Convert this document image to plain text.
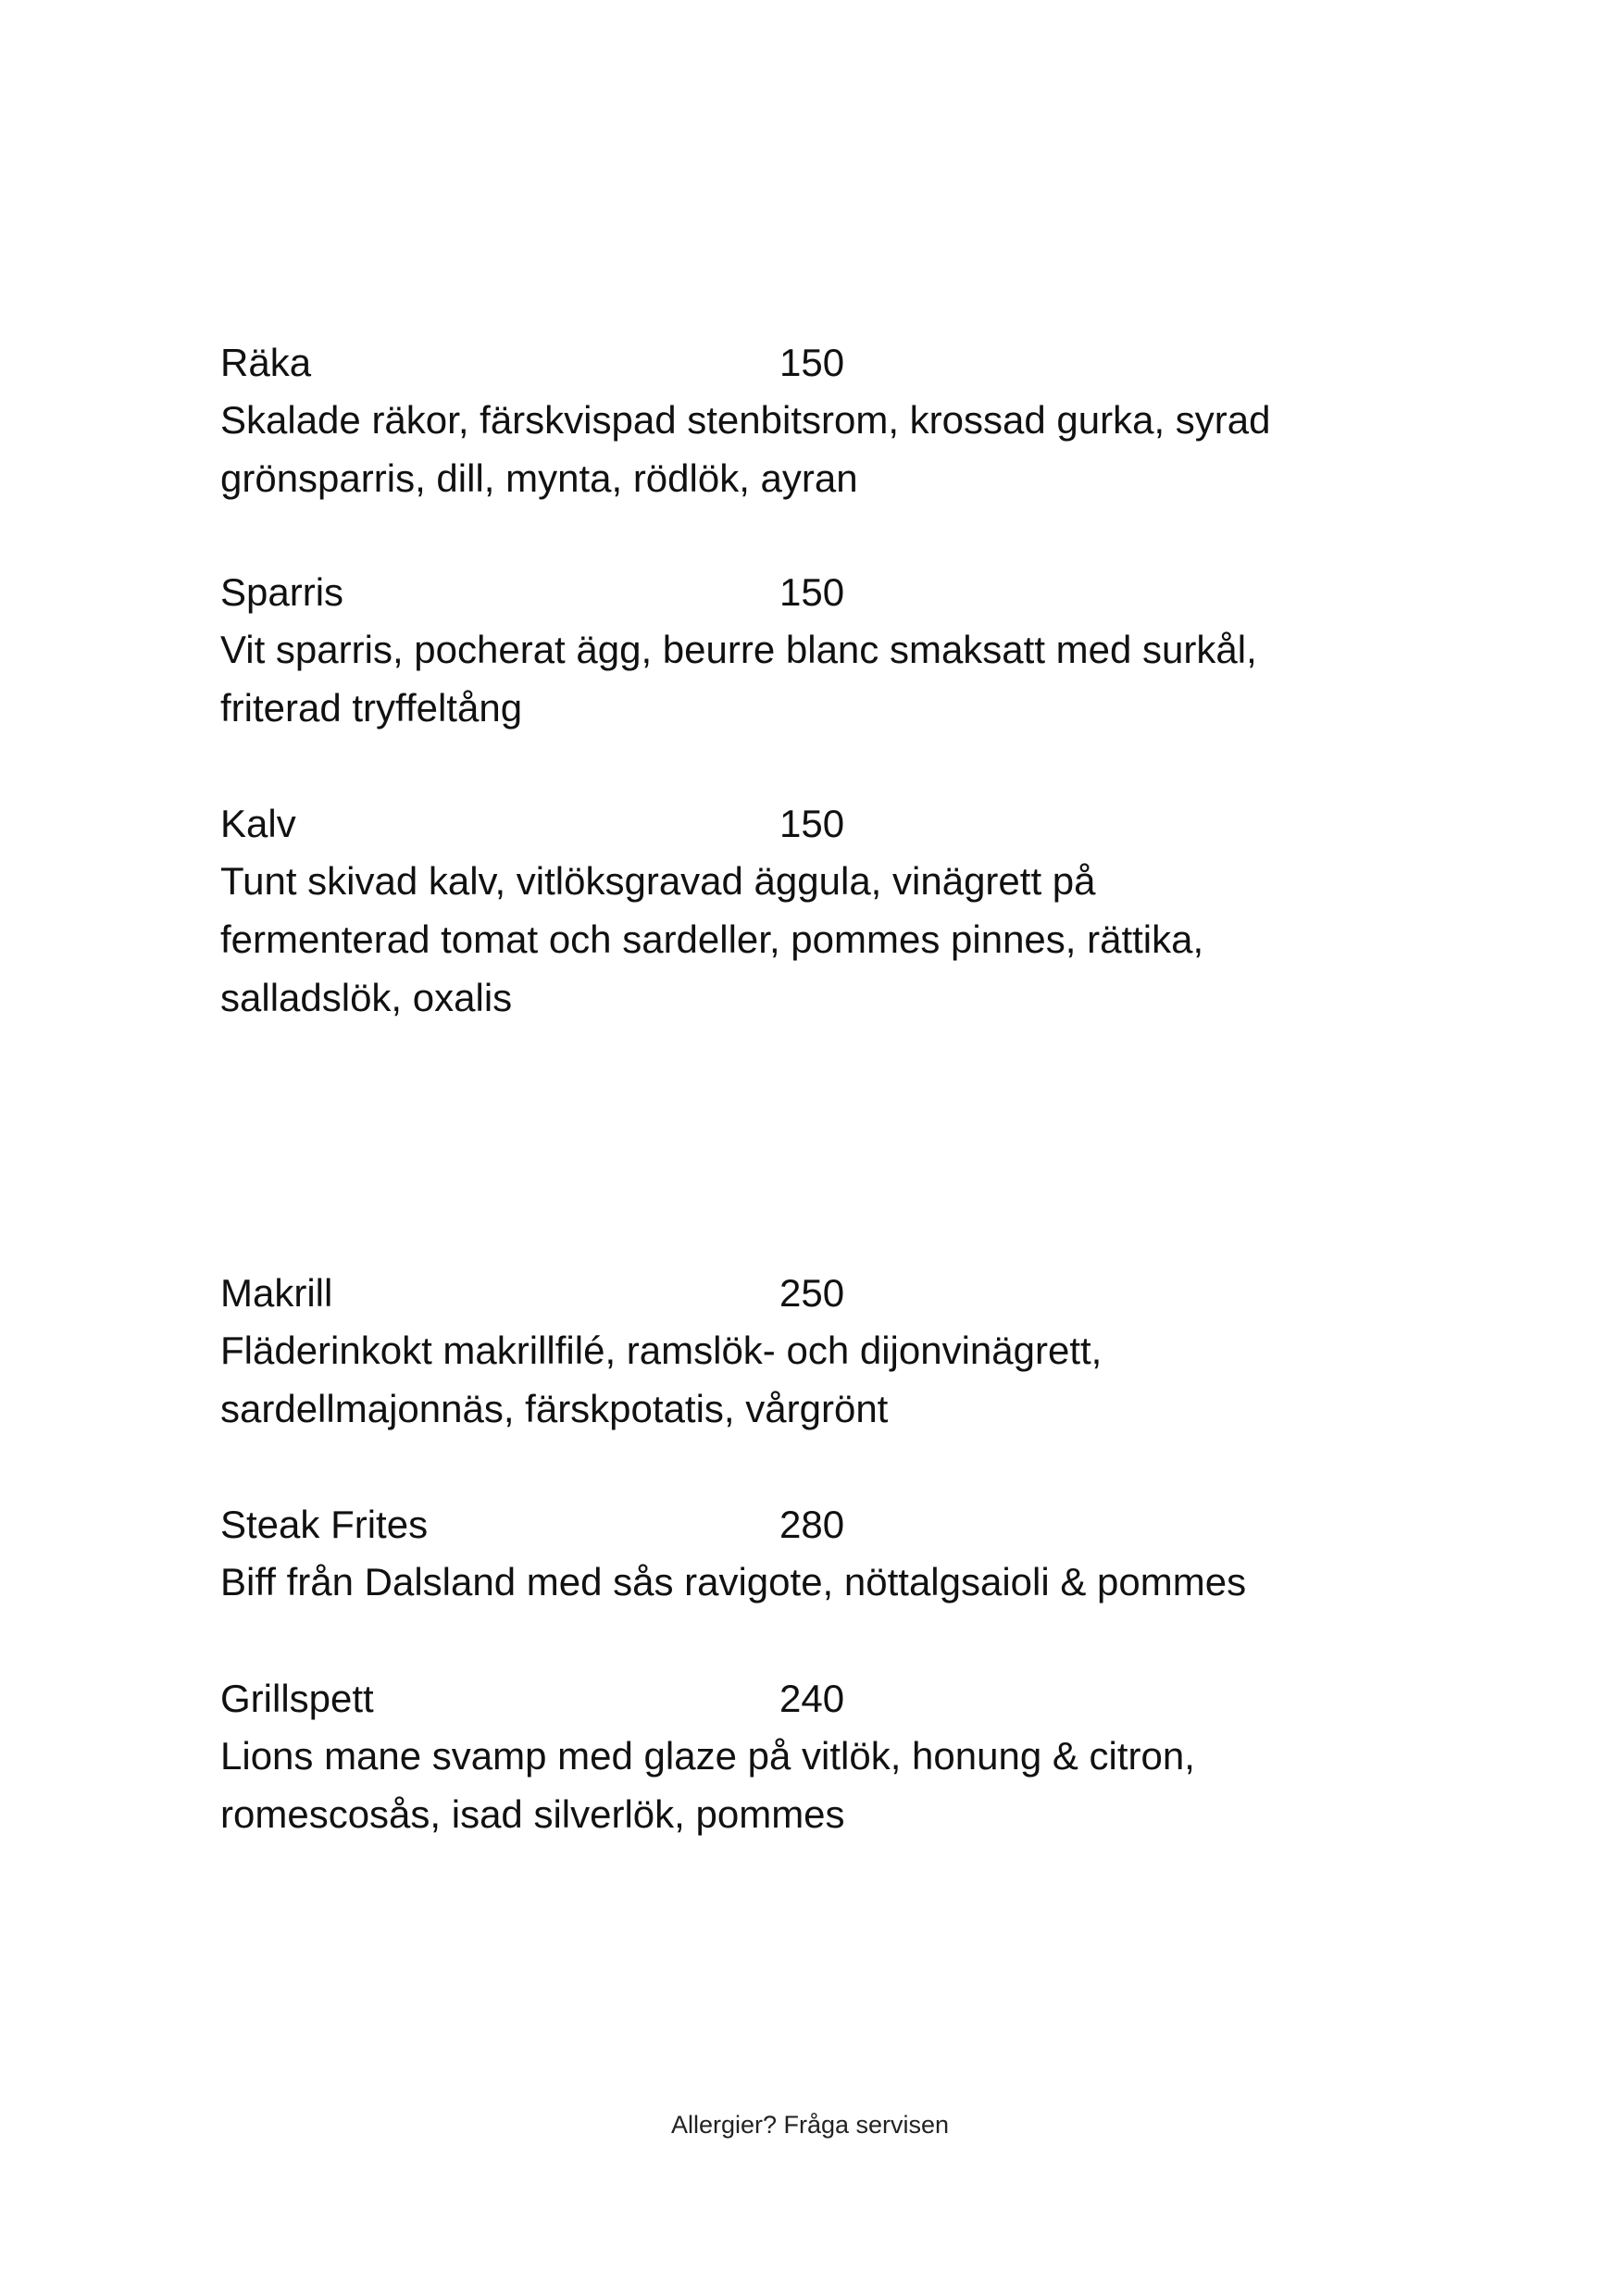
Räka	150

Skalade räkor, färskvispad stenbitsrom, krossad gurka, syrad
grönsparris, dill, mynta, rödlök, ayran

Sparris	150

Vit sparris, pocherat ägg, beurre blanc smaksatt med surkål,
friterad tryffeltång

Kalv	150

Tunt skivad kalv, vitlöksgravad äggula, vinägrett på
fermenterad tomat och sardeller, pommes pinnes, rättika,
salladslök, oxalis

Makrill	250

Fläderinkokt makrillfilé, ramslök- och dijonvinägrett,
sardellmajonnäs, färskpotatis, vårgrönt

Steak Frites	280

Biff från Dalsland med sås ravigote, nöttalgsaioli & pommes

Grillspett	240

Lions mane svamp med glaze på vitlök, honung & citron,
romescosås, isad silverlök, pommes

Allergier? Fråga servisen
